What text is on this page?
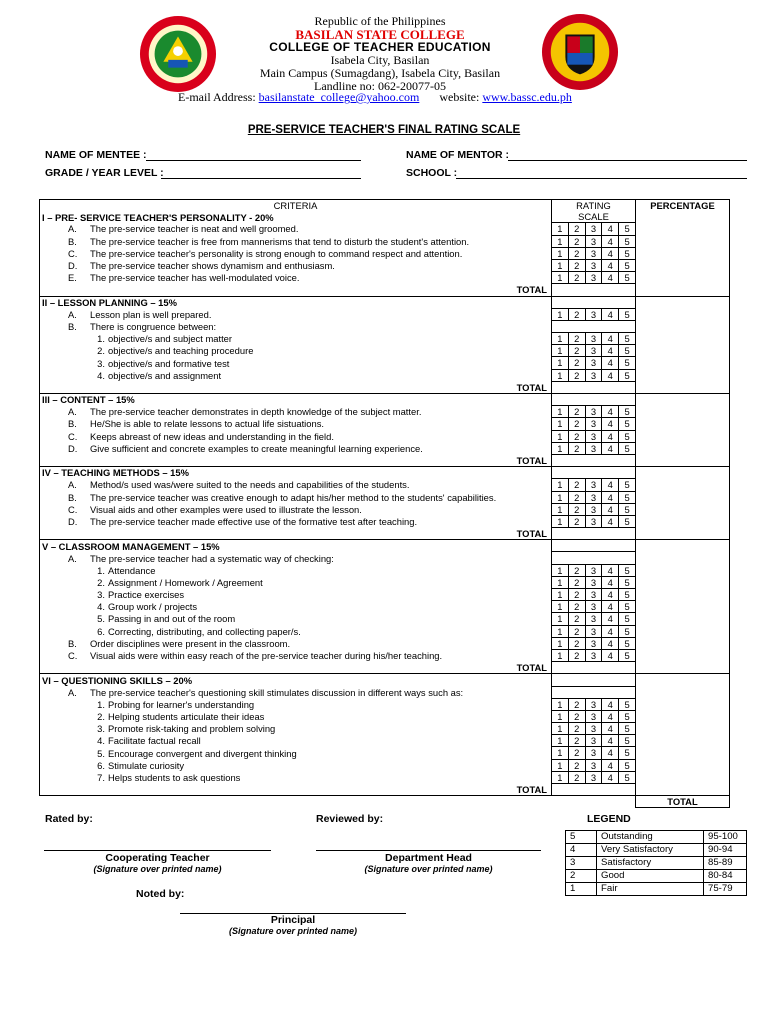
Republic of the Philippines
BASILAN STATE COLLEGE
COLLEGE OF TEACHER EDUCATION
Isabela City, Basilan
Main Campus (Sumagdang), Isabela City, Basilan
Landline no: 062-20077-05
E-mail Address: basilanstate_college@yahoo.com website: www.bassc.edu.ph
PRE-SERVICE TEACHER'S FINAL RATING SCALE
NAME OF MENTEE :	NAME OF MENTOR :
GRADE / YEAR LEVEL :	SCHOOL :
CRITERIA	RATING	PERCENTAGE
I – PRE- SERVICE TEACHER'S PERSONALITY - 20%	SCALE	
A. The pre-service teacher is neat and well groomed.	1 2 3 4 5	

B. The pre-service teacher is free from mannerisms that tend to disturb the student's attention.	1 2 3 4 5	

C. The pre-service teacher's personality is strong enough to command respect and attention.	1 2 3 4 5	

D. The pre-service teacher shows dynamism and enthusiasm.	1 2 3 4 5	

E. The pre-service teacher has well-modulated voice.	1 2 3 4 5	

TOTAL		
II – LESSON PLANNING – 15%		
A. Lesson plan is well prepared.	1 2 3 4 5	

B. There is congruence between:		
1. objective/s and subject matter	1 2 3 4 5	

2. objective/s and teaching procedure	1 2 3 4 5	

3. objective/s and formative test	1 2 3 4 5	

4. objective/s and assignment	1 2 3 4 5	

TOTAL		
III – CONTENT – 15%		
A. The pre-service teacher demonstrates in depth knowledge of the subject matter.	1 2 3 4 5	

B. He/She is able to relate lessons to actual life sistuations.	1 2 3 4 5	

C. Keeps abreast of new ideas and understanding in the field.	1 2 3 4 5	

D. Give sufficient and concrete examples to create meaningful learning experience.	1 2 3 4 5	

TOTAL		
IV – TEACHING METHODS – 15%		
A. Method/s used was/were suited to the needs and capabilities of the students.	1 2 3 4 5	

B. The pre-service teacher was creative enough to adapt his/her method to the students' capabilities.	1 2 3 4 5	

C. Visual aids and other examples were used to illustrate the lesson.	1 2 3 4 5	

D. The pre-service teacher made effective use of the formative test after teaching.	1 2 3 4 5	

TOTAL		
V – CLASSROOM MANAGEMENT – 15%		
A. The pre-service teacher had a systematic way of checking:		
1. Attendance	1 2 3 4 5	

2. Assignment / Homework / Agreement	1 2 3 4 5	

3. Practice exercises	1 2 3 4 5	

4. Group work / projects	1 2 3 4 5	

5. Passing in and out of the room	1 2 3 4 5	

6. Correcting, distributing, and collecting paper/s.	1 2 3 4 5	

B. Order disciplines were present in the classroom.	1 2 3 4 5	

C. Visual aids were within easy reach of the pre-service teacher during his/her teaching.	1 2 3 4 5	

TOTAL		
VI – QUESTIONING SKILLS – 20%		
A. The pre-service teacher's questioning skill stimulates discussion in different ways such as:		
1. Probing for learner's understanding	1 2 3 4 5	

2. Helping students articulate their ideas	1 2 3 4 5	

3. Promote risk-taking and problem solving	1 2 3 4 5	

4. Facilitate factual recall	1 2 3 4 5	

5. Encourage convergent and divergent thinking	1 2 3 4 5	

6. Stimulate curiosity	1 2 3 4 5	

7. Helps students to ask questions	1 2 3 4 5	

TOTAL		
		TOTAL
Rated by:	Reviewed by:	LEGEND
Cooperating Teacher
(Signature over printed name)
Department Head
(Signature over printed name)
Noted by:
Principal
(Signature over printed name)
5	Outstanding	95-100
4	Very Satisfactory	90-94
3	Satisfactory	85-89
2	Good	80-84
1	Fair	75-79
